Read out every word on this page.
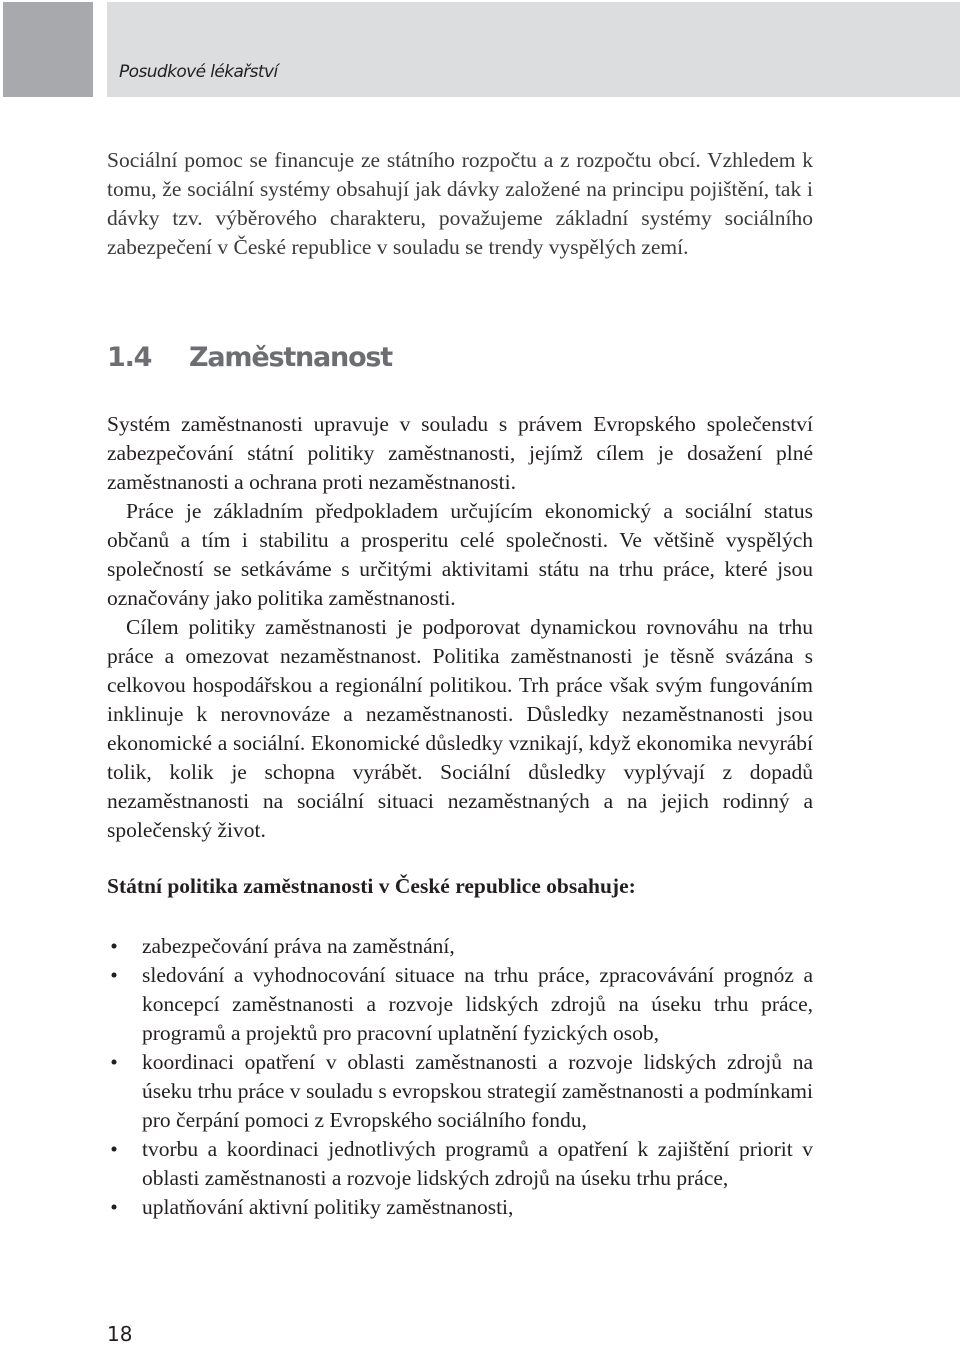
Posudkové lékařství

Sociální pomoc se financuje ze státního rozpočtu a z rozpočtu obcí. Vzhledem k tomu, že sociální systémy obsahují jak dávky založené na principu pojištění, tak i dávky tzv. výběrového charakteru, považujeme základní systémy sociálního zabezpečení v České republice v souladu se trendy vyspělých zemí.

1.4 Zaměstnanost

Systém zaměstnanosti upravuje v souladu s právem Evropského společenství zabezpečování státní politiky zaměstnanosti, jejímž cílem je dosažení plné zaměstnanosti a ochrana proti nezaměstnanosti.

Práce je základním předpokladem určujícím ekonomický a sociální status občanů a tím i stabilitu a prosperitu celé společnosti. Ve většině vyspělých společností se setkáváme s určitými aktivitami státu na trhu práce, které jsou označovány jako politika zaměstnanosti.

Cílem politiky zaměstnanosti je podporovat dynamickou rovnováhu na trhu práce a omezovat nezaměstnanost. Politika zaměstnanosti je těsně svázána s celkovou hospodářskou a regionální politikou. Trh práce však svým fungováním inklinuje k nerovnováze a nezaměstnanosti. Důsledky nezaměstnanosti jsou ekonomické a sociální. Ekonomické důsledky vznikají, když ekonomika nevyrábí tolik, kolik je schopna vyrábět. Sociální důsledky vyplývají z dopadů nezaměstnanosti na sociální situaci nezaměstnaných a na jejich rodinný a společenský život.

Státní politika zaměstnanosti v České republice obsahuje:
• zabezpečování práva na zaměstnání,
• sledování a vyhodnocování situace na trhu práce, zpracovávání prognóz a koncepcí zaměstnanosti a rozvoje lidských zdrojů na úseku trhu práce, programů a projektů pro pracovní uplatnění fyzických osob,
• koordinaci opatření v oblasti zaměstnanosti a rozvoje lidských zdrojů na úseku trhu práce v souladu s evropskou strategií zaměstnanosti a podmínkami pro čerpání pomoci z Evropského sociálního fondu,
• tvorbu a koordinaci jednotlivých programů a opatření k zajištění priorit v oblasti zaměstnanosti a rozvoje lidských zdrojů na úseku trhu práce,
• uplatňování aktivní politiky zaměstnanosti,
18
